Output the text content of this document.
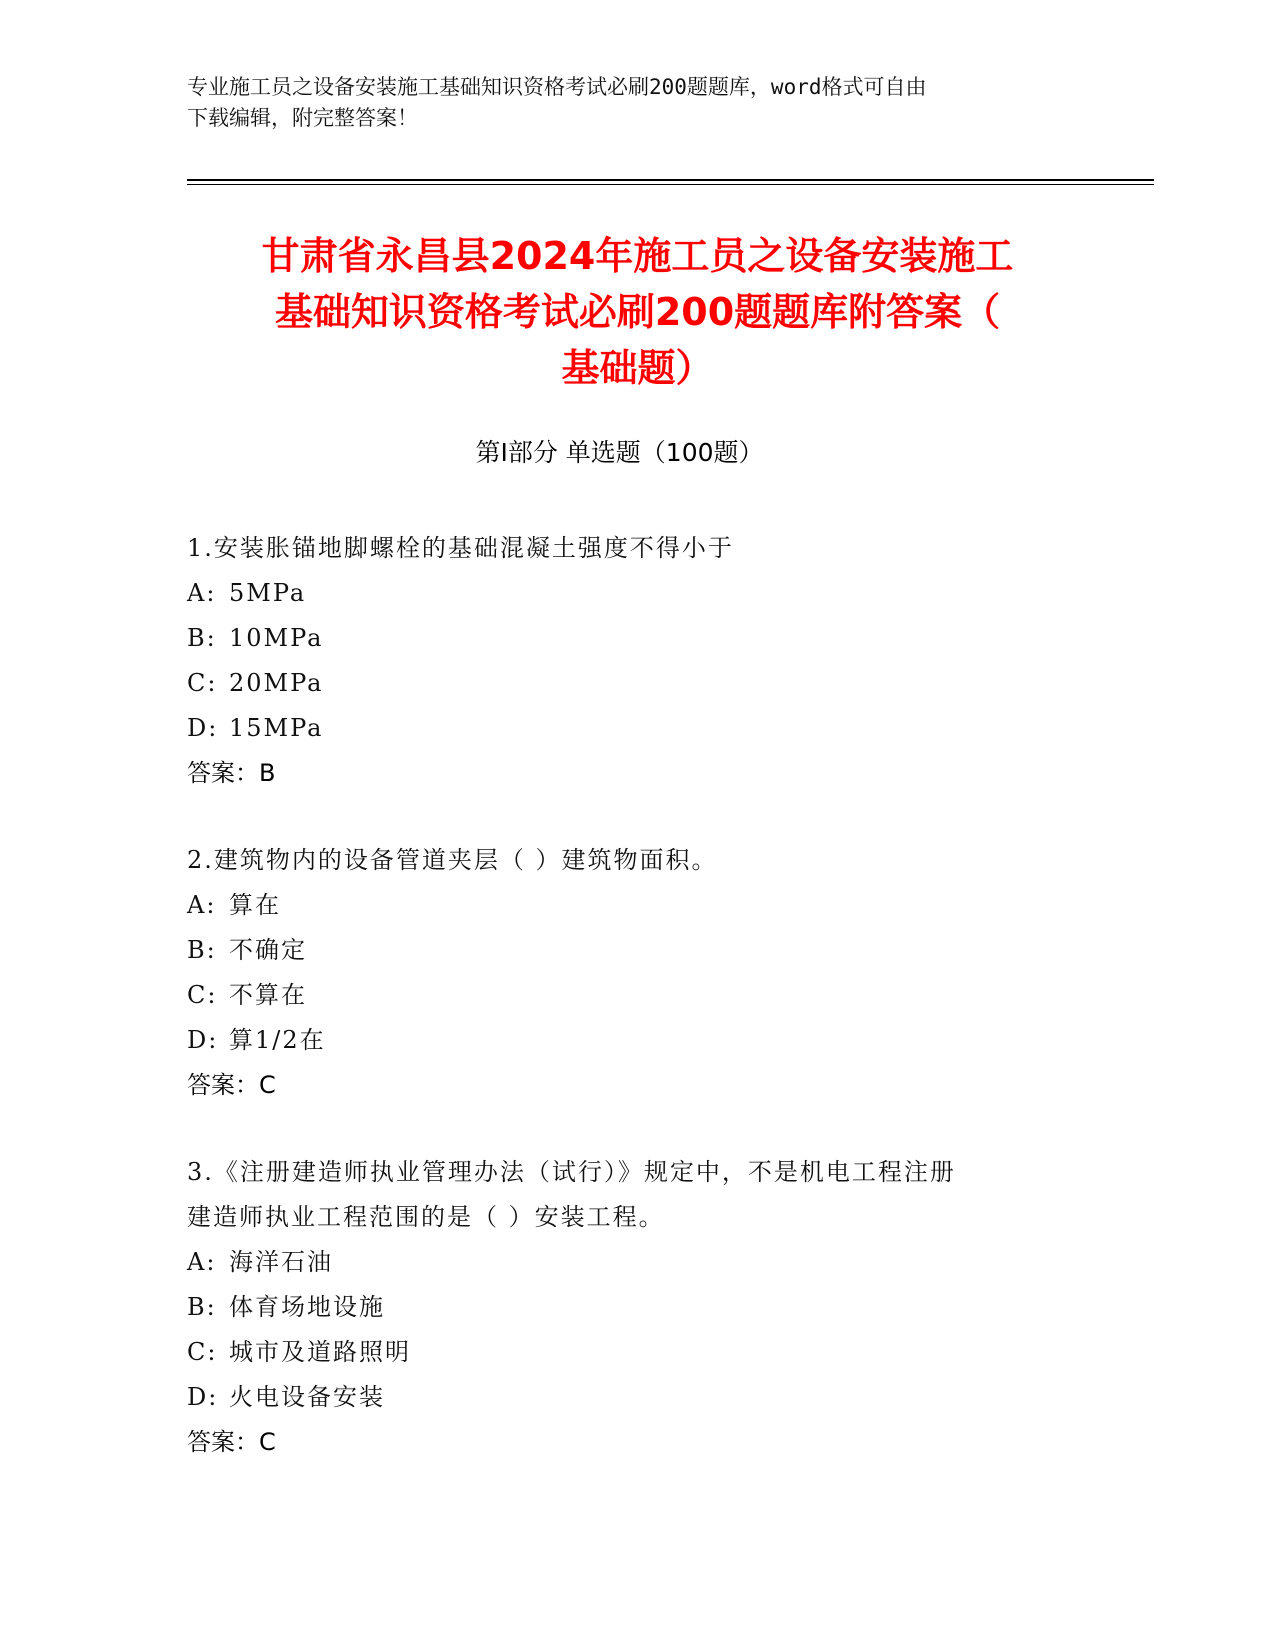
专业施工员之设备安装施工基础知识资格考试必刷200题题库，word格式可自由
下载编辑，附完整答案！
甘肃省永昌县2024年施工员之设备安装施工
基础知识资格考试必刷200题题库附答案（
基础题）
第Ⅰ部分 单选题（100题）
1.安装胀锚地脚螺栓的基础混凝土强度不得小于
A: 5MPa
B: 10MPa
C: 20MPa
D: 15MPa
答案：B
2.建筑物内的设备管道夹层（ ）建筑物面积。
A: 算在
B: 不确定
C: 不算在
D: 算1/2在
答案：C
3.《注册建造师执业管理办法（试行）》规定中，不是机电工程注册
建造师执业工程范围的是（ ）安装工程。
A: 海洋石油
B: 体育场地设施
C: 城市及道路照明
D: 火电设备安装
答案：C
